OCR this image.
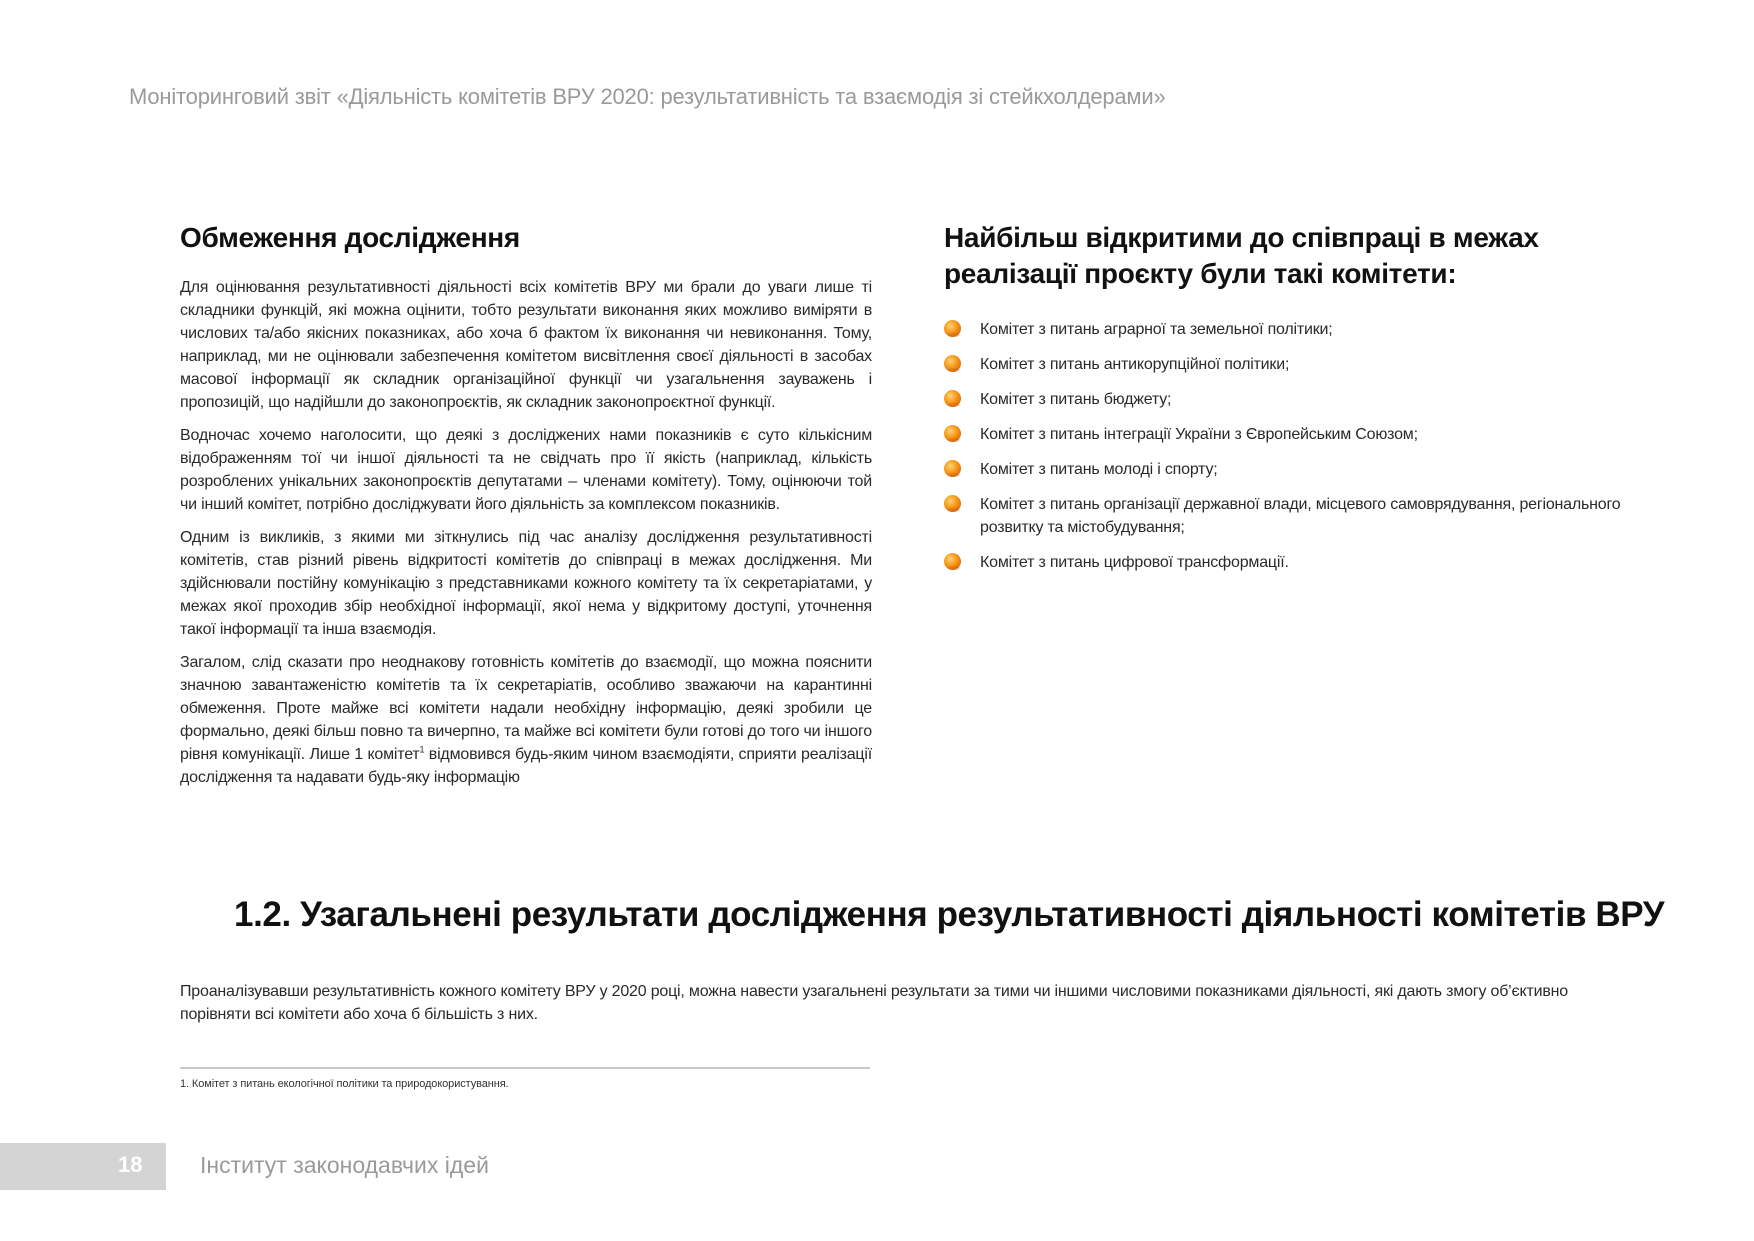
Моніторинговий звіт «Діяльність комітетів ВРУ 2020: результативність та взаємодія зі стейкхолдерами»
Обмеження дослідження

Для оцінювання результативності діяльності всіх комітетів ВРУ ми брали до уваги лише ті складники функцій, які можна оцінити, тобто результати виконання яких можливо виміряти в числових та/або якісних показниках, або хоча б фактом їх виконання чи невиконання. Тому, наприклад, ми не оцінювали забезпечення комітетом висвітлення своєї діяльності в засобах масової інформації як складник організаційної функції чи узагальнення зауважень і пропозицій, що надійшли до законопроєктів, як складник законопроєктної функції.

Водночас хочемо наголосити, що деякі з досліджених нами показників є суто кількісним відображенням тої чи іншої діяльності та не свідчать про її якість (наприклад, кількість розроблених унікальних законопроєктів депутатами – членами комітету). Тому, оцінюючи той чи інший комітет, потрібно досліджувати його діяльність за комплексом показників.

Одним із викликів, з якими ми зіткнулись під час аналізу дослідження результативності комітетів, став різний рівень відкритості комітетів до співпраці в межах дослідження. Ми здійснювали постійну комунікацію з представниками кожного комітету та їх секретаріатами, у межах якої проходив збір необхідної інформації, якої нема у відкритому доступі, уточнення такої інформації та інша взаємодія.

Загалом, слід сказати про неоднакову готовність комітетів до взаємодії, що можна пояснити значною завантаженістю комітетів та їх секретаріатів, особливо зважаючи на карантинні обмеження. Проте майже всі комітети надали необхідну інформацію, деякі зробили це формально, деякі більш повно та вичерпно, та майже всі комітети були готові до того чи іншого рівня комунікації. Лише 1 комітет$^1$ відмовився будь-яким чином взаємодіяти, сприяти реалізації дослідження та надавати будь-яку інформацію

Найбільш відкритими до співпраці в межах реалізації проєкту були такі комітети:
Комітет з питань аграрної та земельної політики;
Комітет з питань антикорупційної політики;
Комітет з питань бюджету;
Комітет з питань інтеграції України з Європейським Союзом;
Комітет з питань молоді і спорту;
Комітет з питань організації державної влади, місцевого самоврядування, регіонального розвитку та містобудування;
Комітет з питань цифрової трансформації.
1.2. Узагальнені результати дослідження результативності діяльності комітетів ВРУ
Проаналізувавши результативність кожного комітету ВРУ у 2020 році, можна навести узагальнені результати за тими чи іншими числовими показниками діяльності, які дають змогу об’єктивно порівняти всі комітети або хоча б більшість з них.
1. Комітет з питань екологічної політики та природокористування.
18	Інститут законодавчих ідей
